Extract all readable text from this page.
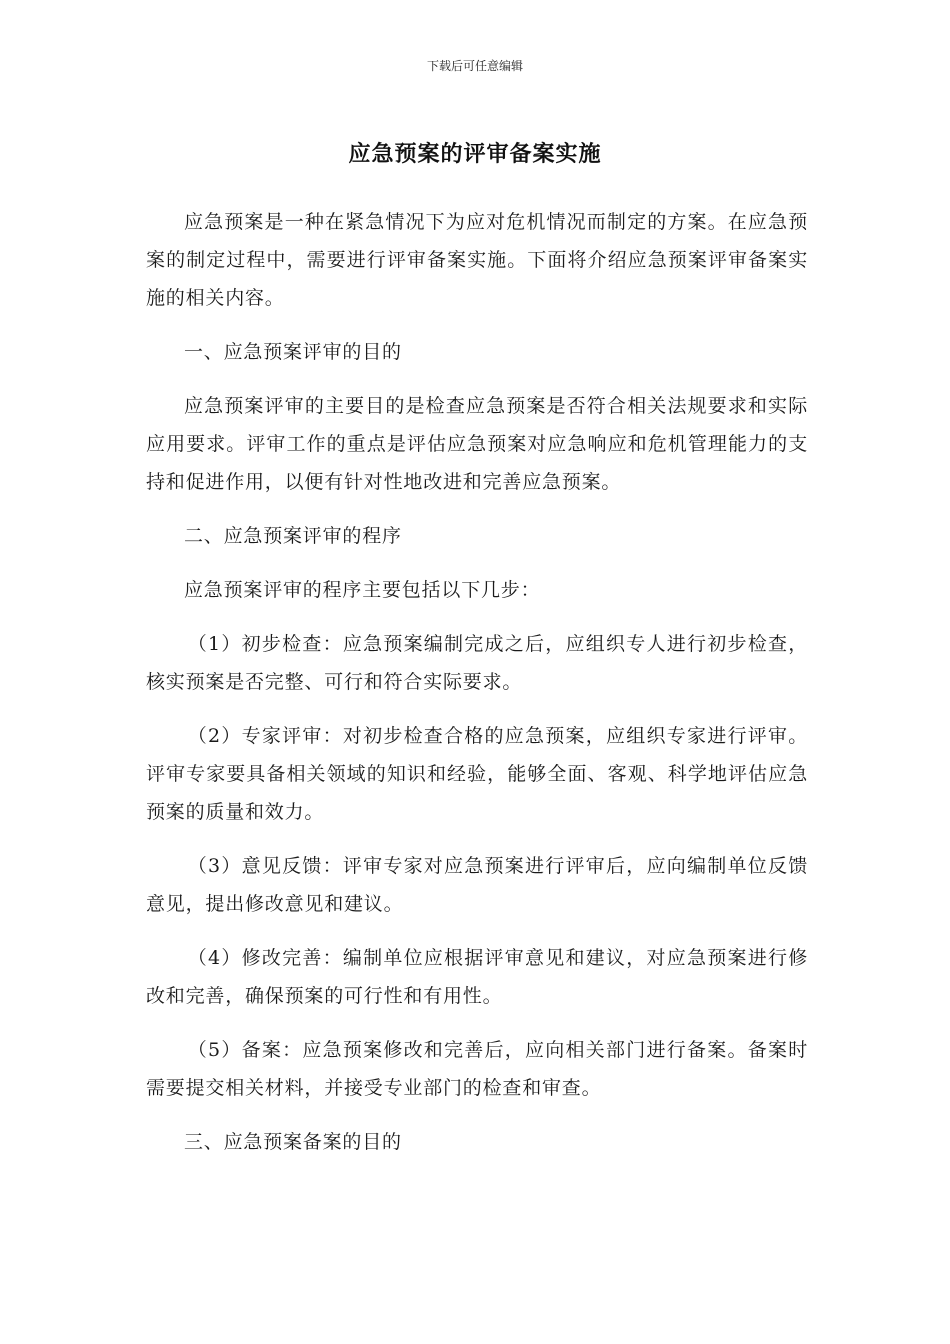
下载后可任意编辑
应急预案的评审备案实施

应急预案是一种在紧急情况下为应对危机情况而制定的方案。在应急预案的制定过程中，需要进行评审备案实施。下面将介绍应急预案评审备案实施的相关内容。

一、应急预案评审的目的

应急预案评审的主要目的是检查应急预案是否符合相关法规要求和实际应用要求。评审工作的重点是评估应急预案对应急响应和危机管理能力的支持和促进作用，以便有针对性地改进和完善应急预案。

二、应急预案评审的程序

应急预案评审的程序主要包括以下几步：

（1）初步检查：应急预案编制完成之后，应组织专人进行初步检查，核实预案是否完整、可行和符合实际要求。

（2）专家评审：对初步检查合格的应急预案，应组织专家进行评审。评审专家要具备相关领域的知识和经验，能够全面、客观、科学地评估应急预案的质量和效力。

（3）意见反馈：评审专家对应急预案进行评审后，应向编制单位反馈意见，提出修改意见和建议。

（4）修改完善：编制单位应根据评审意见和建议，对应急预案进行修改和完善，确保预案的可行性和有用性。

（5）备案：应急预案修改和完善后，应向相关部门进行备案。备案时需要提交相关材料，并接受专业部门的检查和审查。

三、应急预案备案的目的
